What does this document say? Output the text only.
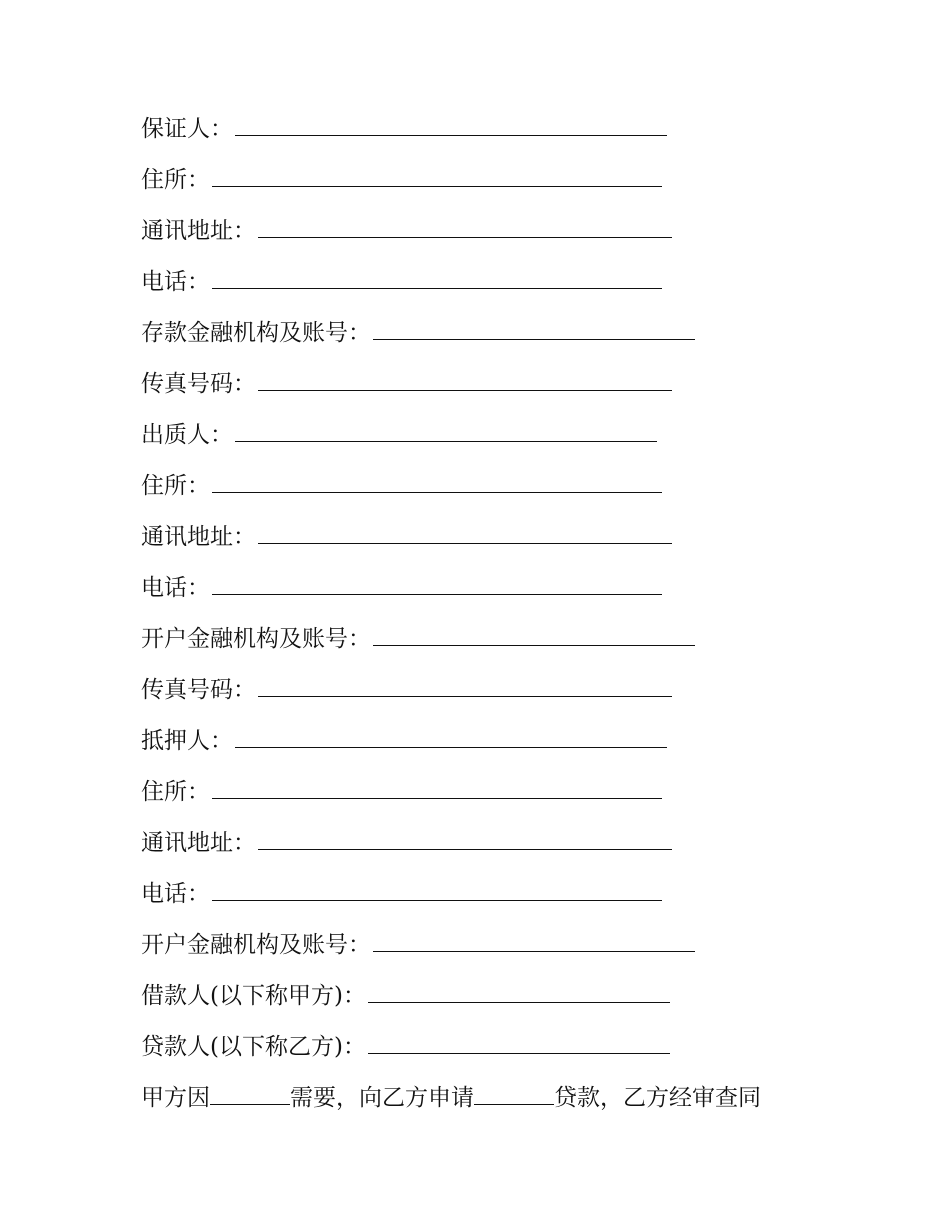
保证人：
住所：
通讯地址：
电话：
存款金融机构及账号：
传真号码：
出质人：
住所：
通讯地址：
电话：
开户金融机构及账号：
传真号码：
抵押人：
住所：
通讯地址：
电话：
开户金融机构及账号：
借款人(以下称甲方)：
贷款人(以下称乙方)：
甲方因	需要，向乙方申请	贷款，乙方经审查同
